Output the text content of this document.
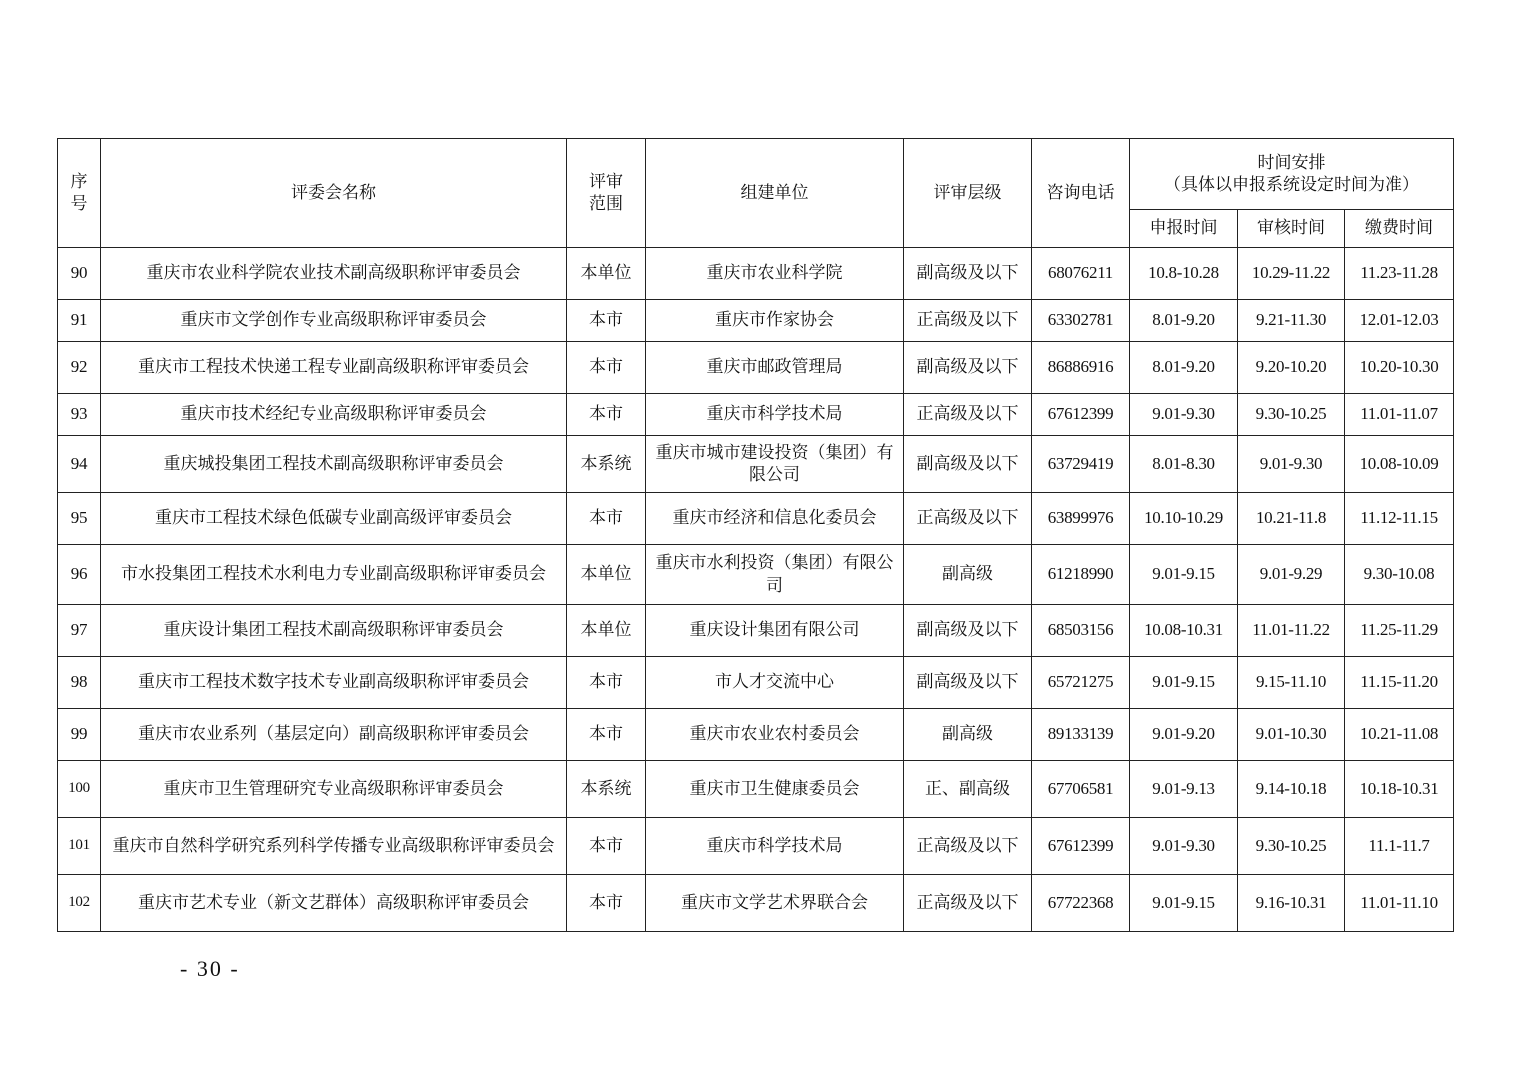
序号	评委会名称	评审范围	组建单位	评审层级	咨询电话	时间安排
（具体以申报系统设定时间为准）		

						申报时间	审核时间	缴费时间
90	重庆市农业科学院农业技术副高级职称评审委员会	本单位	重庆市农业科学院	副高级及以下	68076211	10.8-10.28	10.29-11.22	11.23-11.28
91	重庆市文学创作专业高级职称评审委员会	本市	重庆市作家协会	正高级及以下	63302781	8.01-9.20	9.21-11.30	12.01-12.03
92	重庆市工程技术快递工程专业副高级职称评审委员会	本市	重庆市邮政管理局	副高级及以下	86886916	8.01-9.20	9.20-10.20	10.20-10.30
93	重庆市技术经纪专业高级职称评审委员会	本市	重庆市科学技术局	正高级及以下	67612399	9.01-9.30	9.30-10.25	11.01-11.07
94	重庆城投集团工程技术副高级职称评审委员会	本系统	重庆市城市建设投资（集团）有限公司	副高级及以下	63729419	8.01-8.30	9.01-9.30	10.08-10.09
95	重庆市工程技术绿色低碳专业副高级评审委员会	本市	重庆市经济和信息化委员会	正高级及以下	63899976	10.10-10.29	10.21-11.8	11.12-11.15
96	市水投集团工程技术水利电力专业副高级职称评审委员会	本单位	重庆市水利投资（集团）有限公司	副高级	61218990	9.01-9.15	9.01-9.29	9.30-10.08
97	重庆设计集团工程技术副高级职称评审委员会	本单位	重庆设计集团有限公司	副高级及以下	68503156	10.08-10.31	11.01-11.22	11.25-11.29
98	重庆市工程技术数字技术专业副高级职称评审委员会	本市	市人才交流中心	副高级及以下	65721275	9.01-9.15	9.15-11.10	11.15-11.20
99	重庆市农业系列（基层定向）副高级职称评审委员会	本市	重庆市农业农村委员会	副高级	89133139	9.01-9.20	9.01-10.30	10.21-11.08
100	重庆市卫生管理研究专业高级职称评审委员会	本系统	重庆市卫生健康委员会	正、副高级	67706581	9.01-9.13	9.14-10.18	10.18-10.31
101	重庆市自然科学研究系列科学传播专业高级职称评审委员会	本市	重庆市科学技术局	正高级及以下	67612399	9.01-9.30	9.30-10.25	11.1-11.7
102	重庆市艺术专业（新文艺群体）高级职称评审委员会	本市	重庆市文学艺术界联合会	正高级及以下	67722368	9.01-9.15	9.16-10.31	11.01-11.10
- 30 -
